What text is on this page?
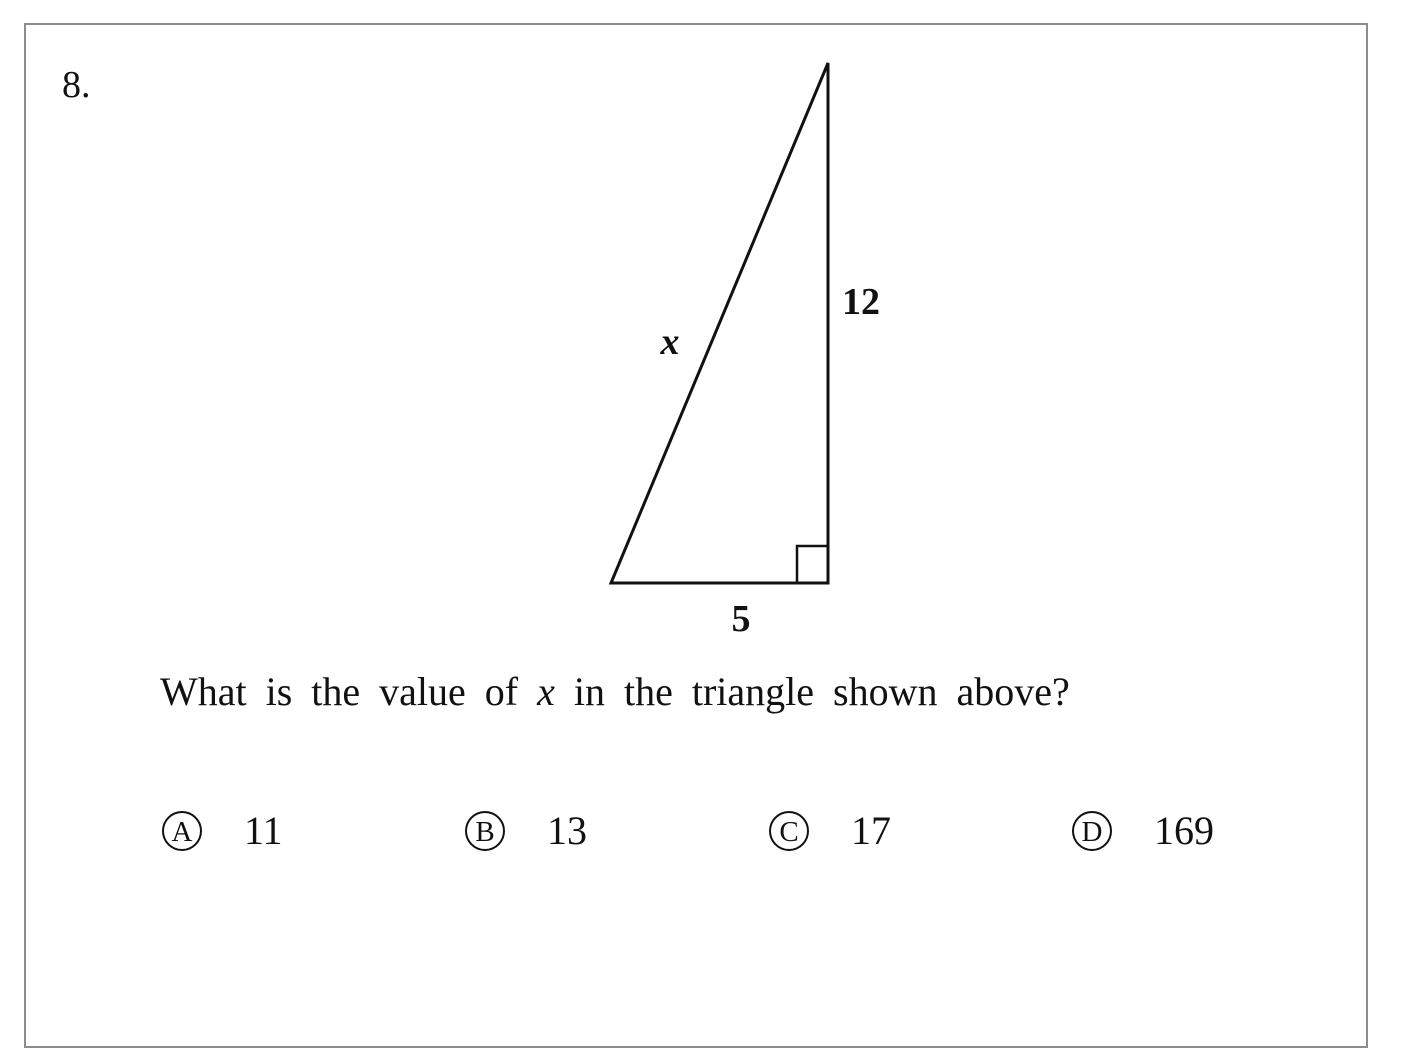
8.
x
12
5
What is the value of x in the triangle shown above?
A 11	B 13	C 17	D 169
